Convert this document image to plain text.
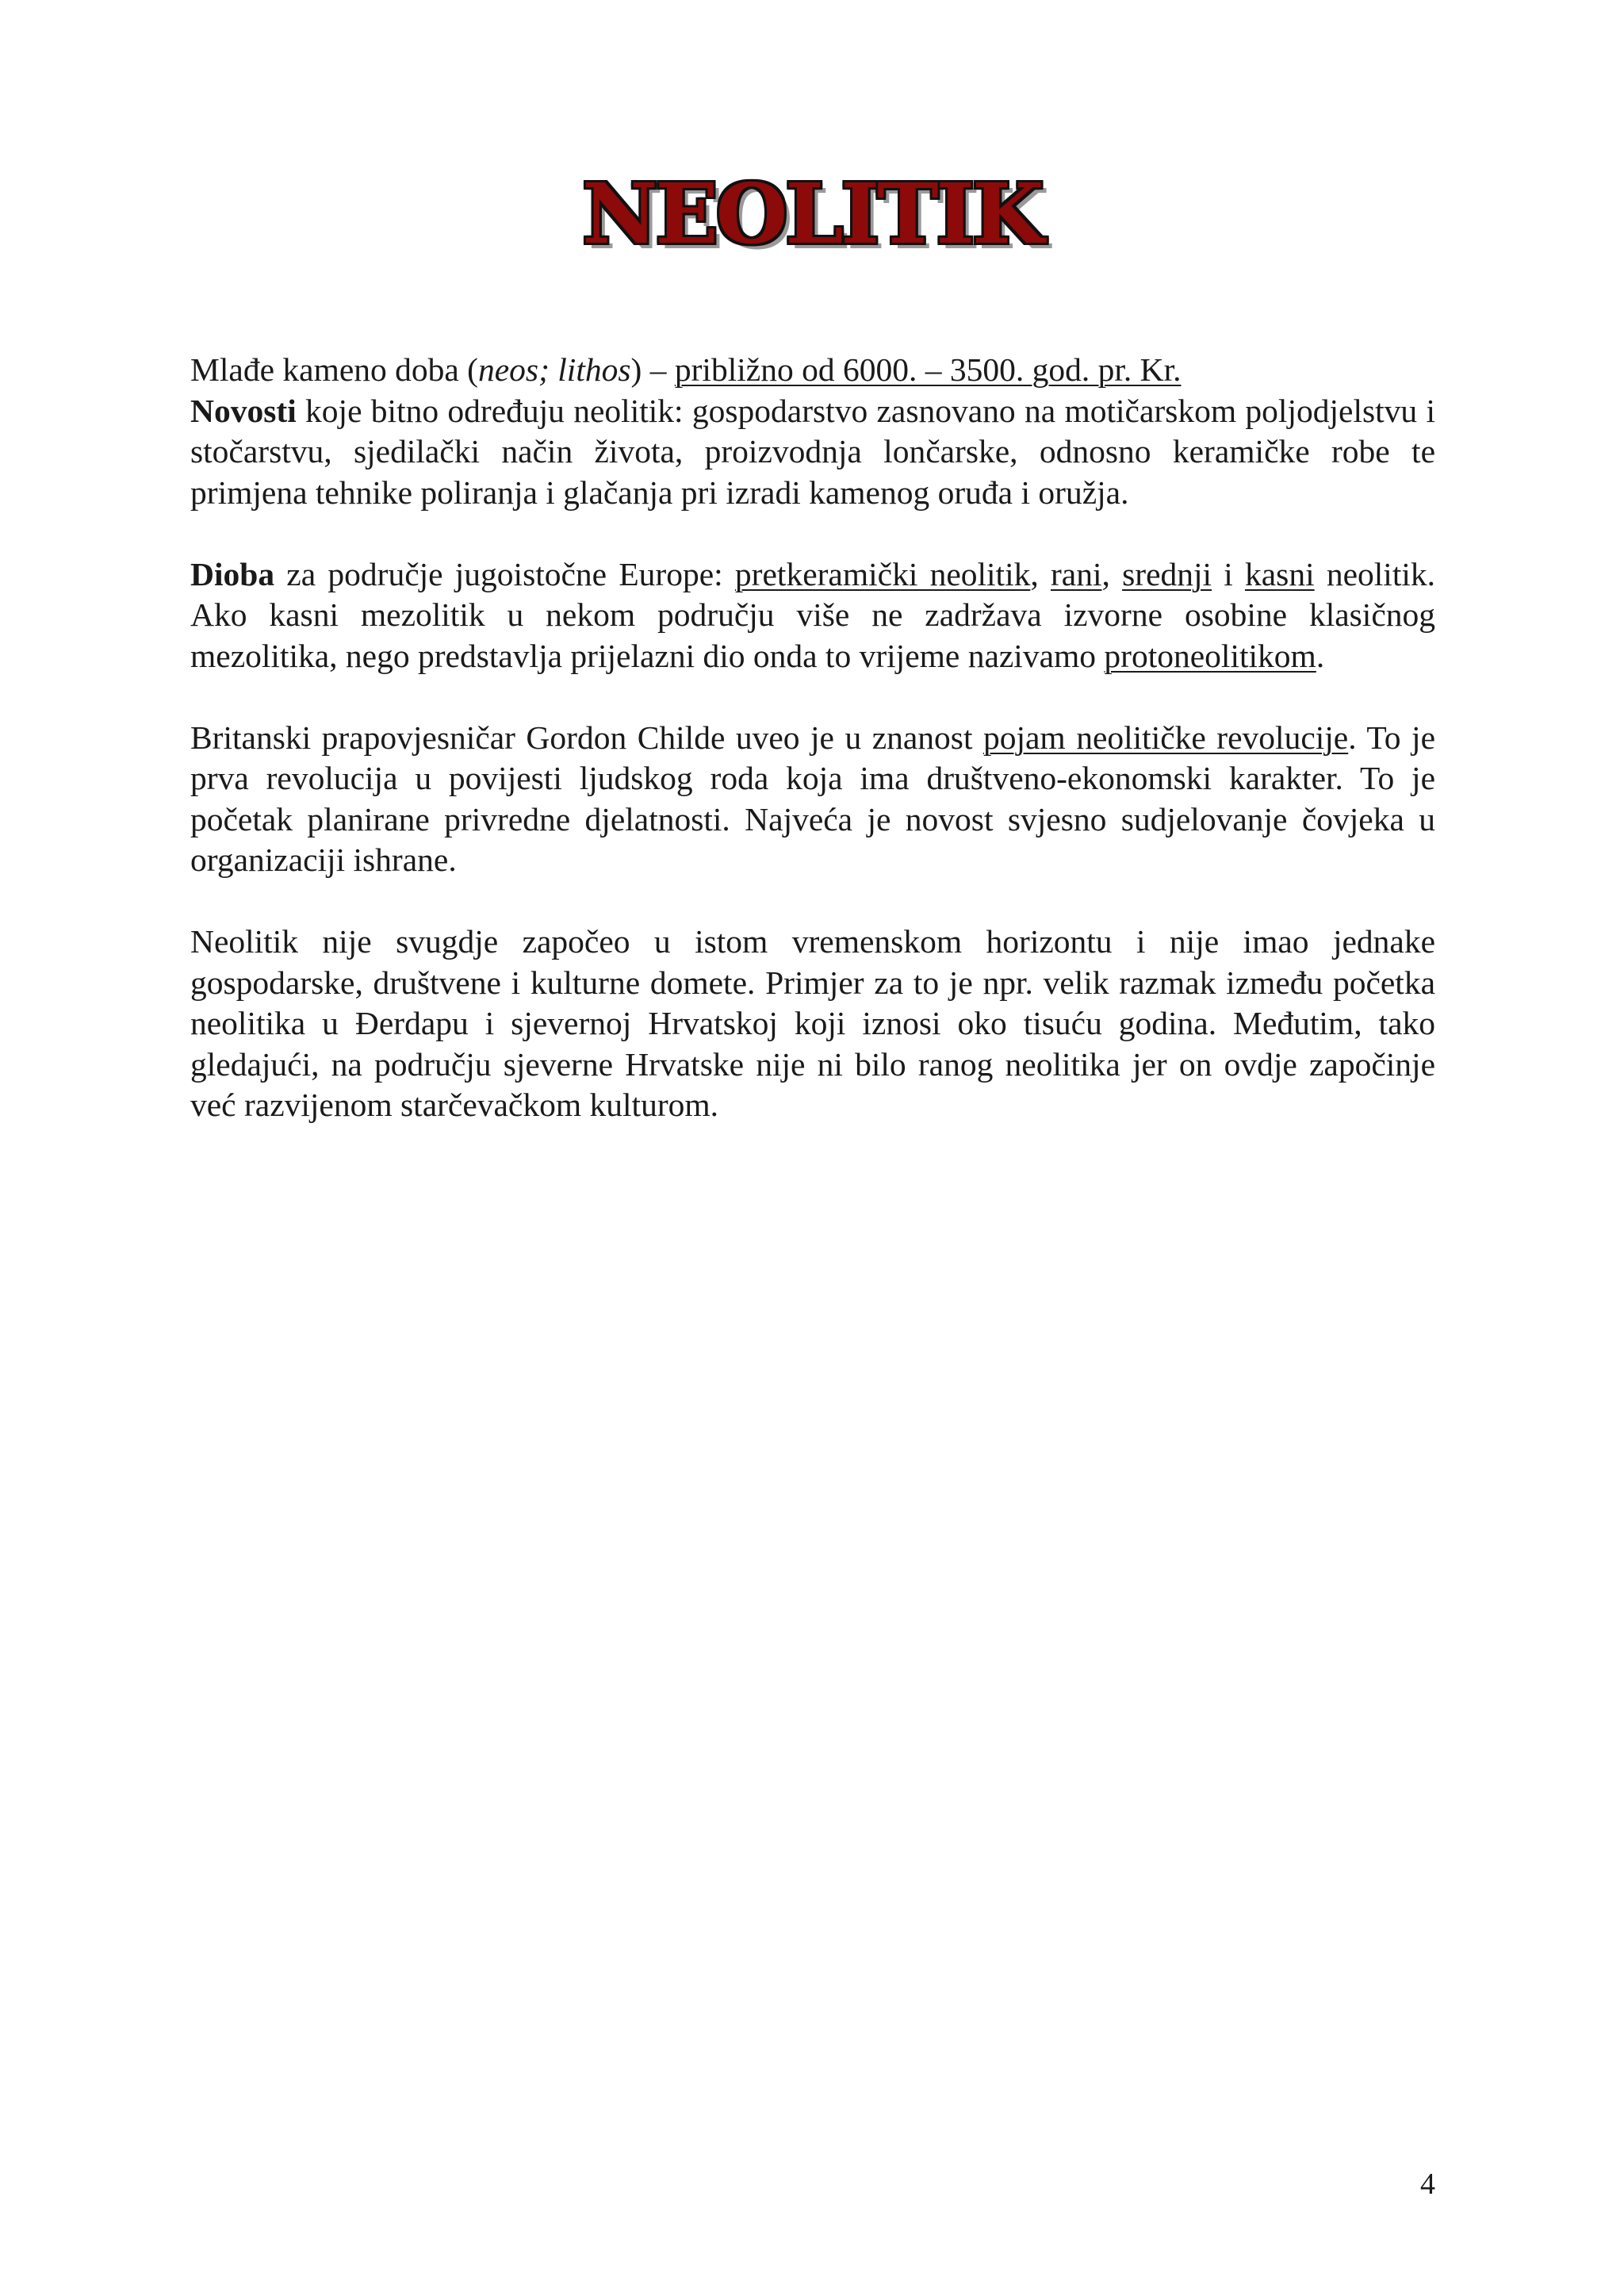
NEOLITIK

Mlađe kameno doba (neos; lithos) – približno od 6000. – 3500. god. pr. Kr.

Novosti koje bitno određuju neolitik: gospodarstvo zasnovano na motičarskom poljodjelstvu i stočarstvu, sjedilački način života, proizvodnja lončarske, odnosno keramičke robe te primjena tehnike poliranja i glačanja pri izradi kamenog oruđa i oružja.

Dioba za područje jugoistočne Europe: pretkeramički neolitik, rani, srednji i kasni neolitik. Ako kasni mezolitik u nekom području više ne zadržava izvorne osobine klasičnog mezolitika, nego predstavlja prijelazni dio onda to vrijeme nazivamo protoneolitikom.

Britanski prapovjesničar Gordon Childe uveo je u znanost pojam neolitičke revolucije. To je prva revolucija u povijesti ljudskog roda koja ima društveno-ekonomski karakter. To je početak planirane privredne djelatnosti. Najveća je novost svjesno sudjelovanje čovjeka u organizaciji ishrane.

Neolitik nije svugdje započeo u istom vremenskom horizontu i nije imao jednake gospodarske, društvene i kulturne domete. Primjer za to je npr. velik razmak između početka neolitika u Đerdapu i sjevernoj Hrvatskoj koji iznosi oko tisuću godina. Međutim, tako gledajući, na području sjeverne Hrvatske nije ni bilo ranog neolitika jer on ovdje započinje već razvijenom starčevačkom kulturom.

4
